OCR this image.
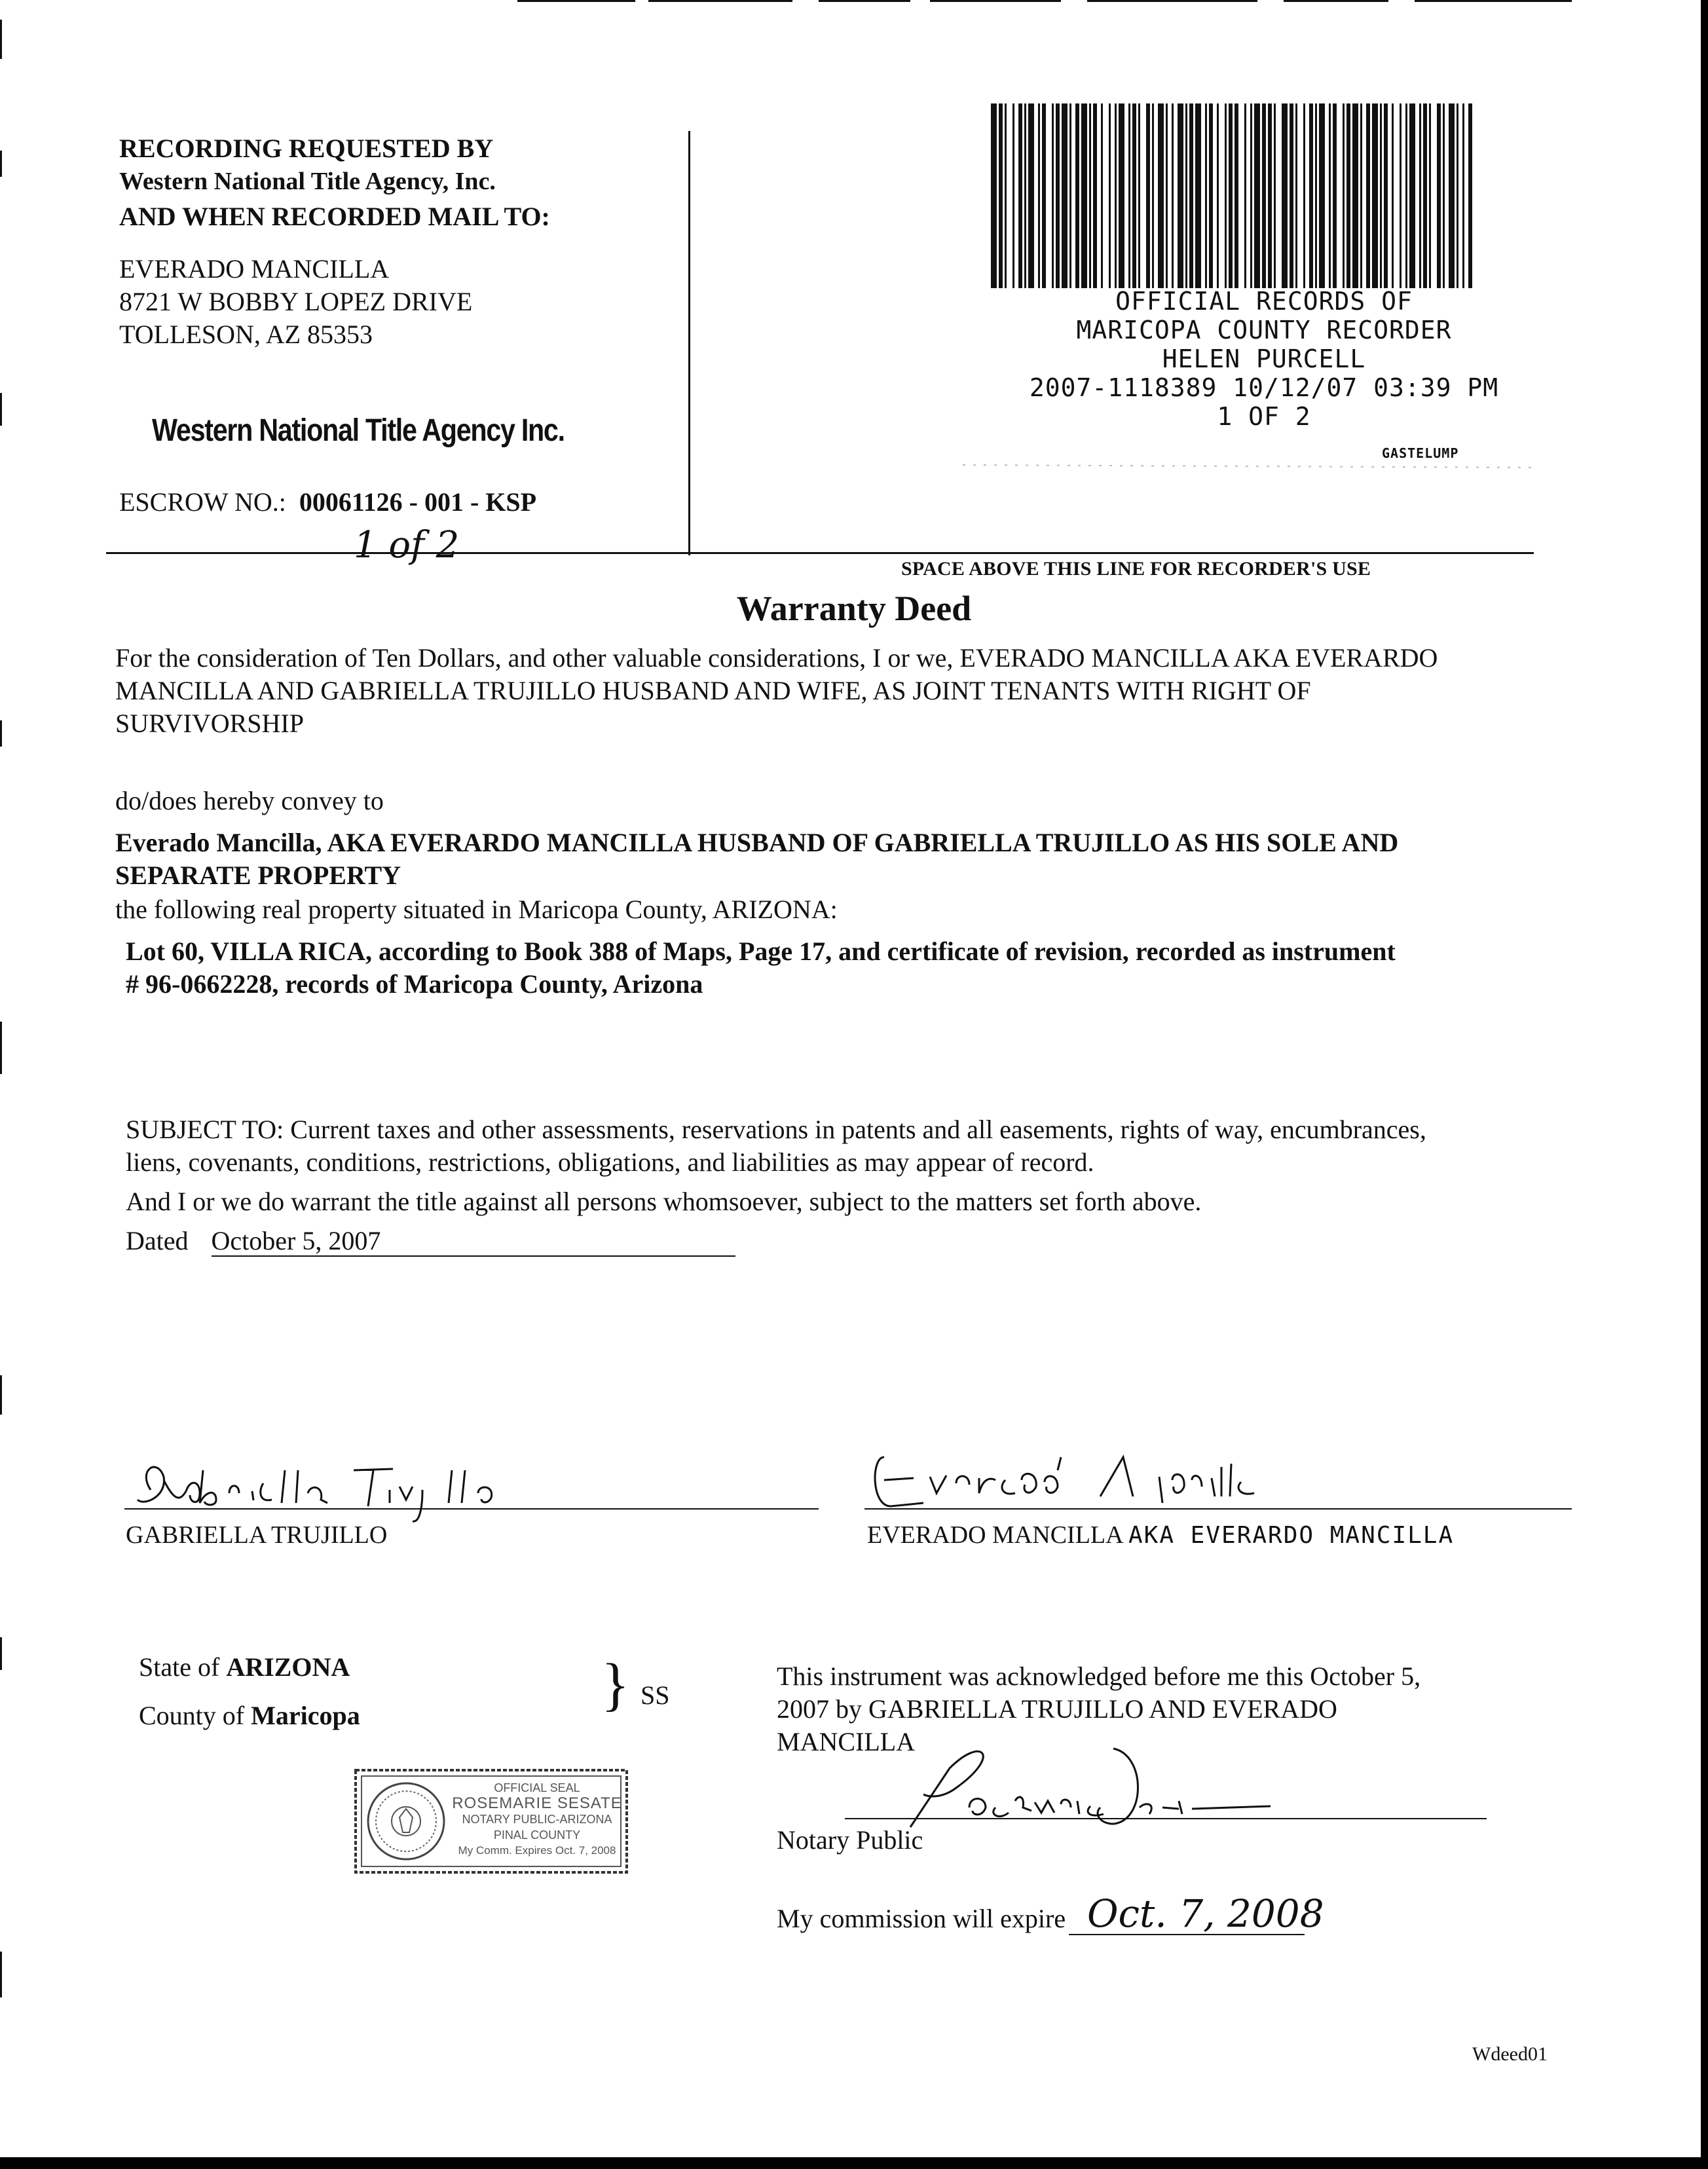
RECORDING REQUESTED BY
Western National Title Agency, Inc.
AND WHEN RECORDED MAIL TO:
EVERADO MANCILLA
8721 W BOBBY LOPEZ DRIVE
TOLLESON, AZ 85353
Western National Title Agency Inc.
ESCROW NO.: 00061126 - 001 - KSP
1 of 2
OFFICIAL RECORDS OF
MARICOPA COUNTY RECORDER
HELEN PURCELL
2007-1118389 10/12/07 03:39 PM
1 OF 2
GASTELUMP
SPACE ABOVE THIS LINE FOR RECORDER'S USE
Warranty Deed
For the consideration of Ten Dollars, and other valuable considerations, I or we, EVERADO MANCILLA AKA EVERARDO
MANCILLA AND GABRIELLA TRUJILLO HUSBAND AND WIFE, AS JOINT TENANTS WITH RIGHT OF
SURVIVORSHIP
do/does hereby convey to
Everado Mancilla, AKA EVERARDO MANCILLA HUSBAND OF GABRIELLA TRUJILLO AS HIS SOLE AND
SEPARATE PROPERTY
the following real property situated in Maricopa County, ARIZONA:
Lot 60, VILLA RICA, according to Book 388 of Maps, Page 17, and certificate of revision, recorded as instrument
# 96-0662228, records of Maricopa County, Arizona
SUBJECT TO: Current taxes and other assessments, reservations in patents and all easements, rights of way, encumbrances,
liens, covenants, conditions, restrictions, obligations, and liabilities as may appear of record.
And I or we do warrant the title against all persons whomsoever, subject to the matters set forth above.
Dated October 5, 2007
GABRIELLA TRUJILLO	EVERADO MANCILLA AKA EVERARDO MANCILLA
State of ARIZONA
County of Maricopa	} SS
OFFICIAL SEAL
ROSEMARIE SESATE
NOTARY PUBLIC-ARIZONA
PINAL COUNTY
My Comm. Expires Oct. 7, 2008
This instrument was acknowledged before me this October 5,
2007 by GABRIELLA TRUJILLO AND EVERADO
MANCILLA
Notary Public
My commission will expire Oct. 7, 2008
Wdeed01
